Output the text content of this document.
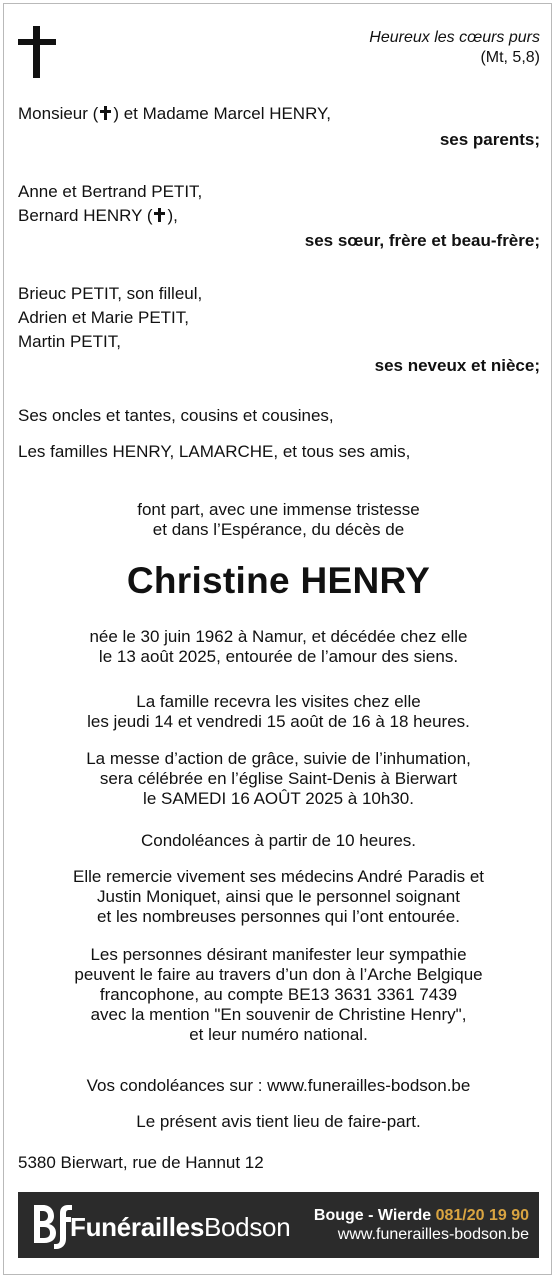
Heureux les cœurs purs
(Mt, 5,8)
Monsieur ( ) et Madame Marcel HENRY,
ses parents;
Anne et Bertrand PETIT,
Bernard HENRY ( ),
ses sœur, frère et beau-frère;
Brieuc PETIT, son filleul,
Adrien et Marie PETIT,
Martin PETIT,
ses neveux et nièce;
Ses oncles et tantes, cousins et cousines,
Les familles HENRY, LAMARCHE, et tous ses amis,
font part, avec une immense tristesse
et dans l’Espérance, du décès de
Christine HENRY
née le 30 juin 1962 à Namur, et décédée chez elle
le 13 août 2025, entourée de l’amour des siens.
La famille recevra les visites chez elle
les jeudi 14 et vendredi 15 août de 16 à 18 heures.
La messe d’action de grâce, suivie de l’inhumation,
sera célébrée en l’église Saint-Denis à Bierwart
le SAMEDI 16 AOÛT 2025 à 10h30.
Condoléances à partir de 10 heures.
Elle remercie vivement ses médecins André Paradis et
Justin Moniquet, ainsi que le personnel soignant
et les nombreuses personnes qui l’ont entourée.
Les personnes désirant manifester leur sympathie
peuvent le faire au travers d’un don à l’Arche Belgique
francophone, au compte BE13 3631 3361 7439
avec la mention "En souvenir de Christine Henry",
et leur numéro national.
Vos condoléances sur : www.funerailles-bodson.be
Le présent avis tient lieu de faire-part.
5380 Bierwart, rue de Hannut 12
FunéraillesBodson Bouge - Wierde 081/20 19 90
www.funerailles-bodson.be
